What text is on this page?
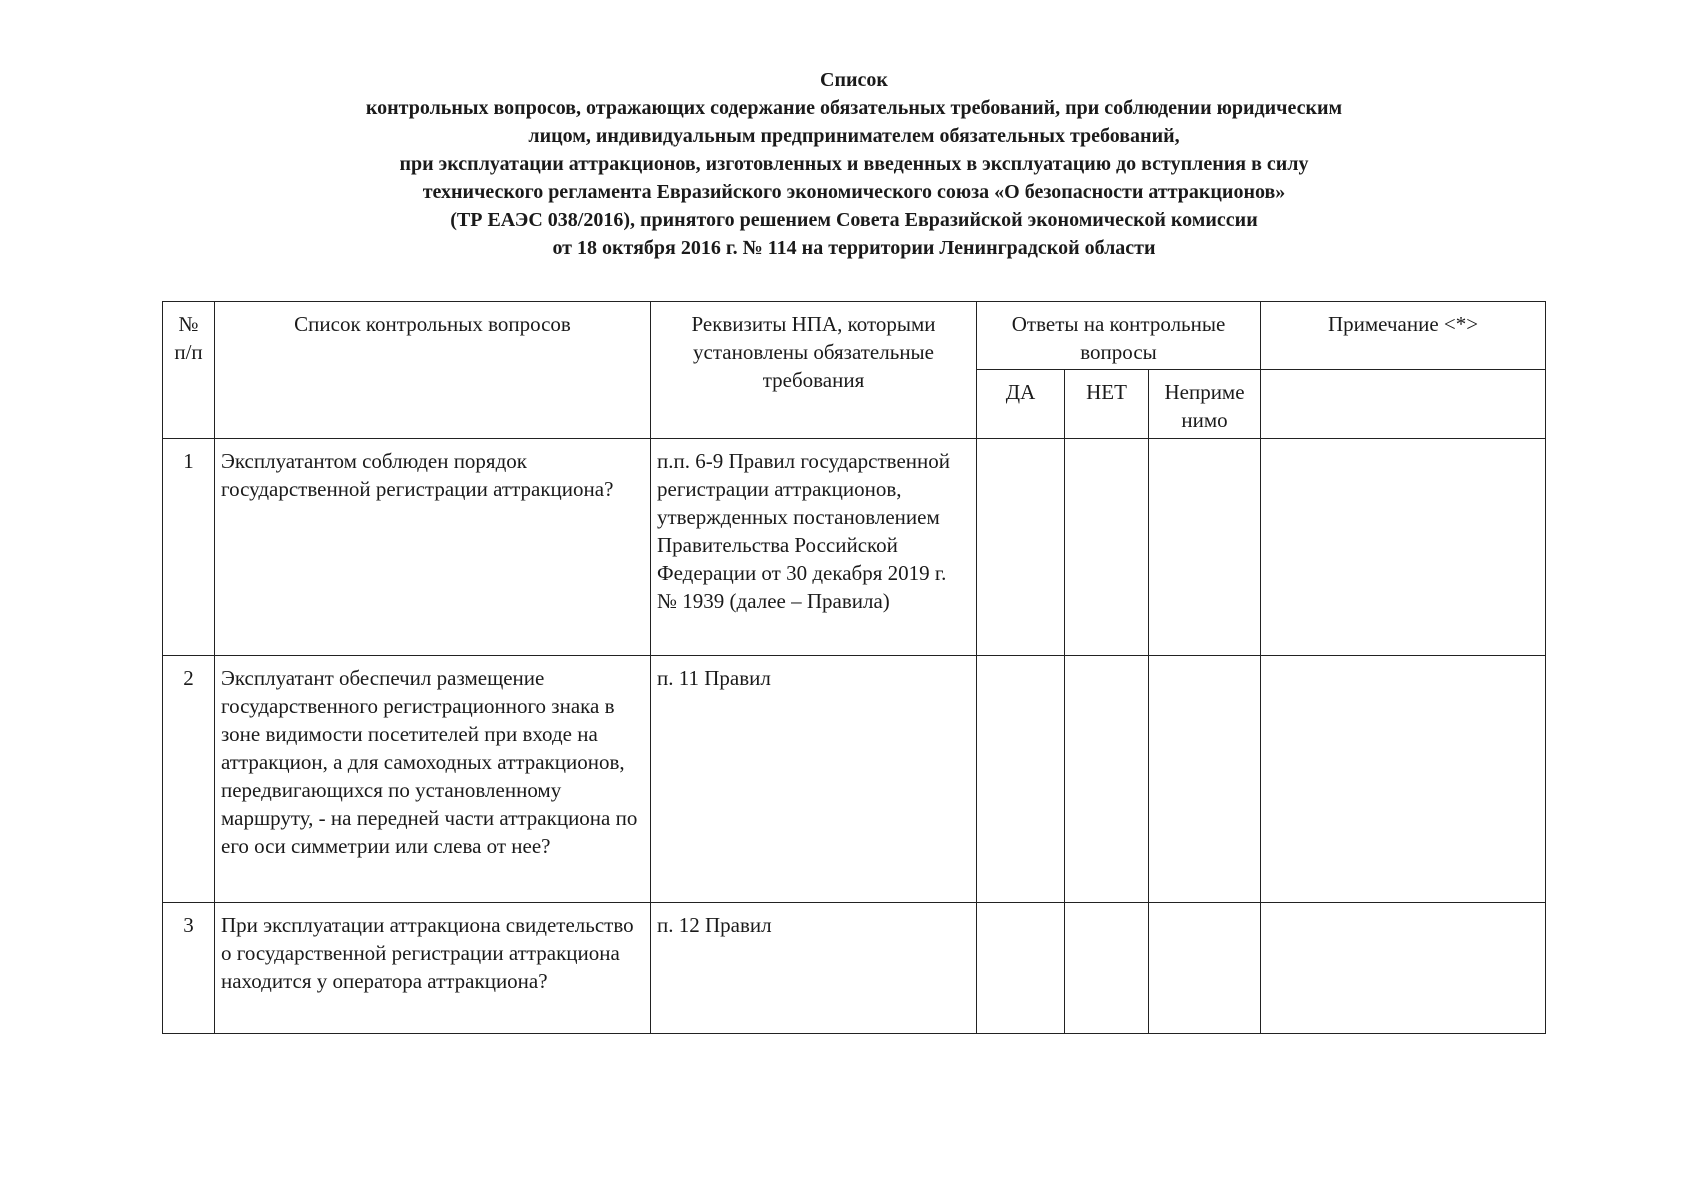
Список
контрольных вопросов, отражающих содержание обязательных требований, при соблюдении юридическим
лицом, индивидуальным предпринимателем обязательных требований,
при эксплуатации аттракционов, изготовленных и введенных в эксплуатацию до вступления в силу
технического регламента Евразийского экономического союза «О безопасности аттракционов»
(ТР ЕАЭС 038/2016), принятого решением Совета Евразийской экономической комиссии
от 18 октября 2016 г. № 114 на территории Ленинградской области
№ п/п	Список контрольных вопросов	Реквизиты НПА, которыми установлены обязательные требования	Ответы на контрольные вопросы			Примечание <*>
			ДА	НЕТ	Неприме нимо	
1	Эксплуатантом соблюден порядок государственной регистрации аттракциона?	п.п. 6-9 Правил государственной регистрации аттракционов, утвержденных постановлением Правительства Российской Федерации от 30 декабря 2019 г. № 1939 (далее – Правила)				
2	Эксплуатант обеспечил размещение государственного регистрационного знака в зоне видимости посетителей при входе на аттракцион, а для самоходных аттракционов, передвигающихся по установленному маршруту, - на передней части аттракциона по его оси симметрии или слева от нее?	п. 11 Правил				
3	При эксплуатации аттракциона свидетельство о государственной регистрации аттракциона находится у оператора аттракциона?	п. 12 Правил				
